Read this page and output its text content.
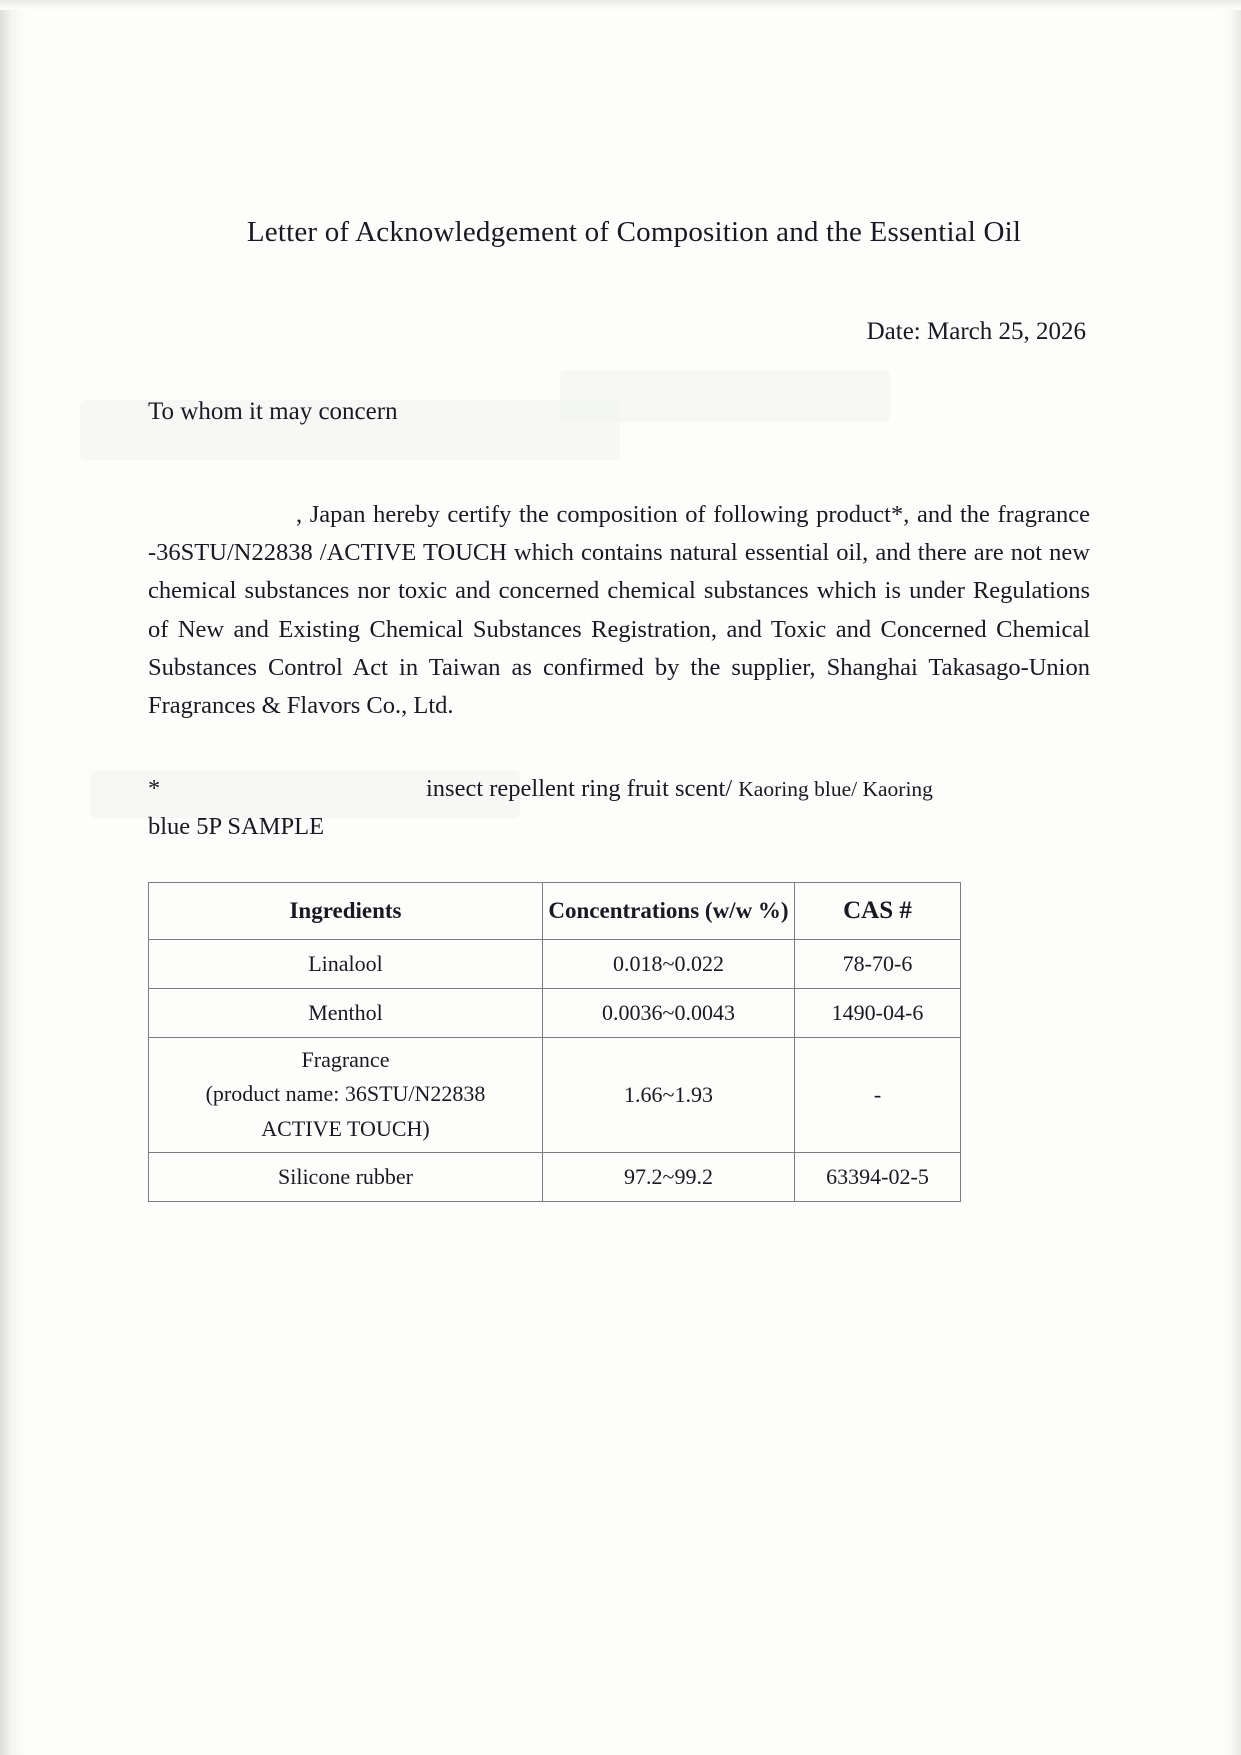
Letter of Acknowledgement of Composition and the Essential Oil
Date: March 25, 2026
To whom it may concern
, Japan hereby certify the composition of following product*, and the fragrance -36STU/N22838 /ACTIVE TOUCH which contains natural essential oil, and there are not new chemical substances nor toxic and concerned chemical substances which is under Regulations of New and Existing Chemical Substances Registration, and Toxic and Concerned Chemical Substances Control Act in Taiwan as confirmed by the supplier, Shanghai Takasago-Union Fragrances & Flavors Co., Ltd.
*	insect repellent ring fruit scent/ Kaoring blue/ Kaoring
blue 5P SAMPLE
Ingredients	Concentrations (w/w %)	CAS #
Linalool	0.018~0.022	78-70-6
Menthol	0.0036~0.0043	1490-04-6

Fragrance
(product name: 36STU/N22838
ACTIVE TOUCH)	1.66~1.93	-
Silicone rubber	97.2~99.2	63394-02-5
